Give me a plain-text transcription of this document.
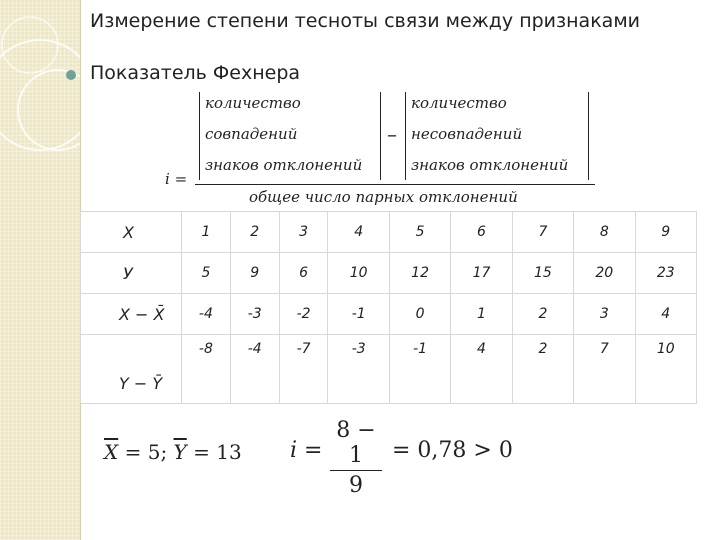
Измерение степени тесноты связи между признаками
Показатель Фехнера
i =
количество
совпадений
знаков отклонений
–
количество
несовпадений
знаков отклонений
общее число парных отклонений
X	1	2	3	4	5	6	7	8	9
У	5	9	6	10	12	17	15	20	23
X − X̄	-4	-3	-2	-1	0	1	2	3	4
Y − Ȳ	-8	-4	-7	-3	-1	4	2	7	10
$\overline{X} = 5$; $\overline{Y} = 13$ i =
8 − 1
9
= 0,78 > 0
